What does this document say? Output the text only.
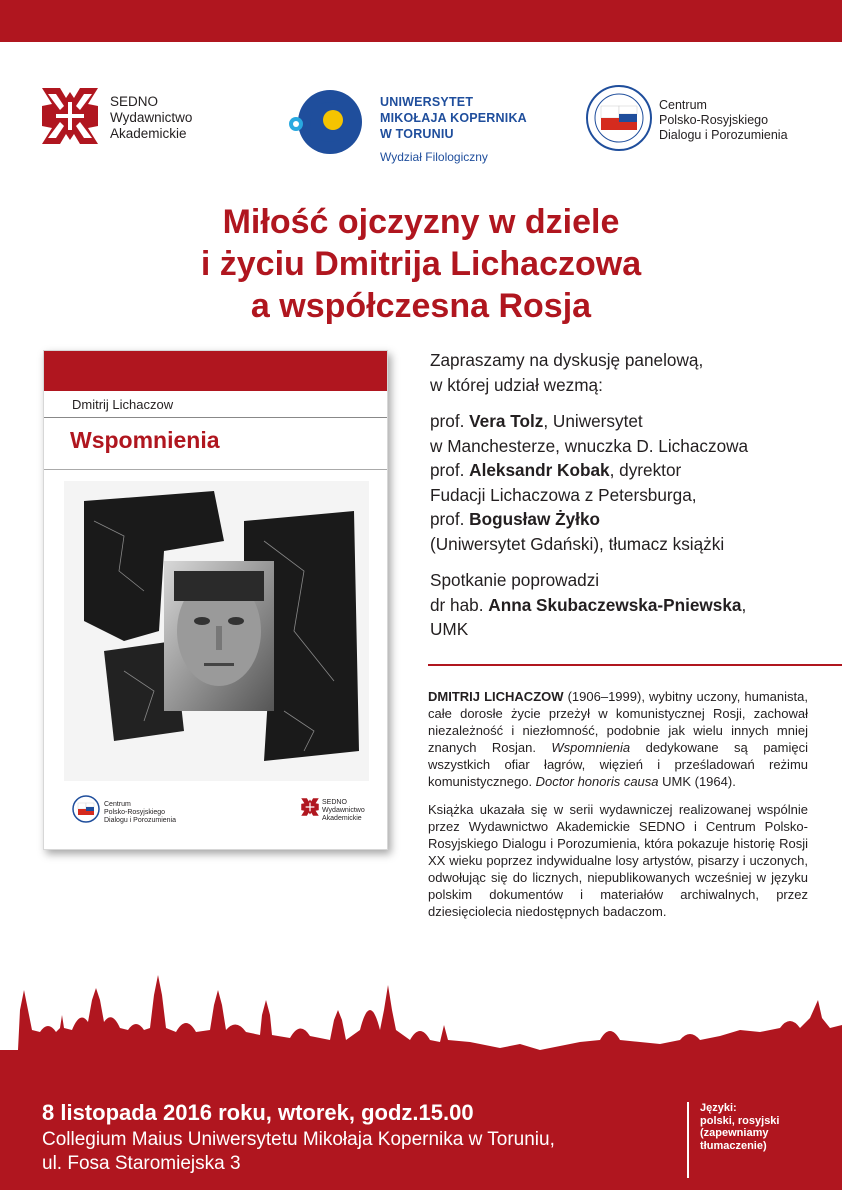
SEDNO
Wydawnictwo
Akademickie
UNIWERSYTET
MIKOŁAJA KOPERNIKA
W TORUNIU
Wydział Filologiczny
Centrum
Polsko-Rosyjskiego
Dialogu i Porozumienia
Miłość ojczyzny w dziele
i życiu Dmitrija Lichaczowa
a współczesna Rosja
Dmitrij Lichaczow
Wspomnienia
Centrum
Polsko-Rosyjskiego
Dialogu i Porozumienia
SEDNO
Wydawnictwo
Akademickie

Zapraszamy na dyskusję panelową,
w której udział wezmą:

prof. Vera Tolz, Uniwersytet
w Manchesterze, wnuczka D. Lichaczowa
prof. Aleksandr Kobak, dyrektor
Fudacji Lichaczowa z Petersburga,
prof. Bogusław Żyłko
(Uniwersytet Gdański), tłumacz książki

Spotkanie poprowadzi
dr hab. Anna Skubaczewska-Pniewska,
UMK

DMITRIJ LICHACZOW (1906–1999), wybitny uczony, humanista, całe dorosłe życie przeżył w komunistycznej Rosji, zachował niezależność i niezłomność, podobnie jak wielu innych mniej znanych Rosjan. Wspomnienia dedykowane są pamięci wszystkich ofiar łagrów, więzień i prześladowań reżimu komunistycznego. Doctor honoris causa UMK (1964).

Książka ukazała się w serii wydawniczej realizowanej wspólnie przez Wydawnictwo Akademickie SEDNO i Centrum Polsko-Rosyjskiego Dialogu i Porozumienia, która pokazuje historię Rosji XX wieku poprzez indywidualne losy artystów, pisarzy i uczonych, odwołując się do licznych, niepublikowanych wcześniej w języku polskim dokumentów i materiałów archiwalnych, przez dziesięciolecia niedostępnych badaczom.

8 listopada 2016 roku, wtorek, godz.15.00
Collegium Maius Uniwersytetu Mikołaja Kopernika w Toruniu,
ul. Fosa Staromiejska 3
Języki:
polski, rosyjski
(zapewniamy
tłumaczenie)
